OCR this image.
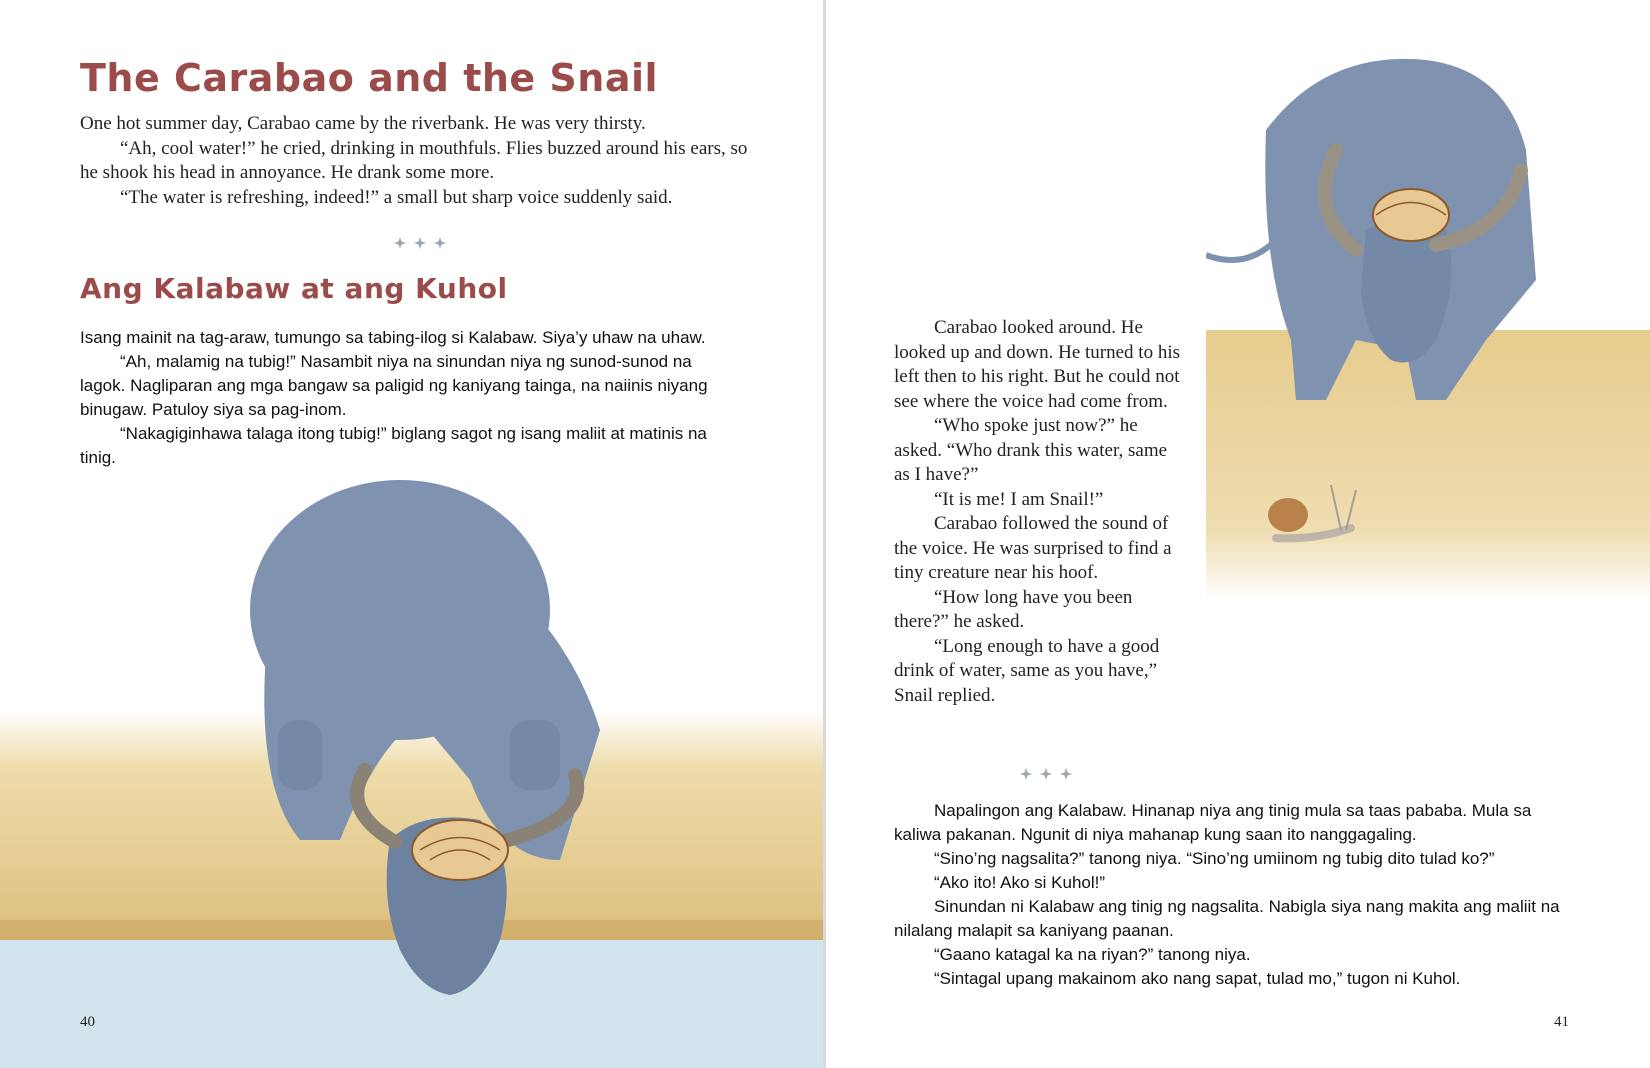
The Carabao and the Snail

One hot summer day, Carabao came by the riverbank. He was very thirsty.

“Ah, cool water!” he cried, drinking in mouthfuls. Flies buzzed around his ears, so he shook his head in annoyance. He drank some more.

“The water is refreshing, indeed!” a small but sharp voice suddenly said.

Ang Kalabaw at ang Kuhol

Isang mainit na tag-araw, tumungo sa tabing-ilog si Kalabaw. Siya’y uhaw na uhaw.

“Ah, malamig na tubig!” Nasambit niya na sinundan niya ng sunod-sunod na lagok. Nagliparan ang mga bangaw sa paligid ng kaniyang tainga, na naiinis niyang binugaw. Patuloy siya sa pag-inom.

“Nakagiginhawa talaga itong tubig!” biglang sagot ng isang maliit at matinis na tinig.

40

Carabao looked around. He looked up and down. He turned to his left then to his right. But he could not see where the voice had come from.

“Who spoke just now?” he asked. “Who drank this water, same as I have?”

“It is me! I am Snail!”

Carabao followed the sound of the voice. He was surprised to find a tiny creature near his hoof.

“How long have you been there?” he asked.

“Long enough to have a good drink of water, same as you have,” Snail replied.

Napalingon ang Kalabaw. Hinanap niya ang tinig mula sa taas pababa. Mula sa kaliwa pakanan. Ngunit di niya mahanap kung saan ito nanggagaling.

“Sino’ng nagsalita?” tanong niya. “Sino’ng umiinom ng tubig dito tulad ko?”

“Ako ito! Ako si Kuhol!”

Sinundan ni Kalabaw ang tinig ng nagsalita. Nabigla siya nang makita ang maliit na nilalang malapit sa kaniyang paanan.

“Gaano katagal ka na riyan?” tanong niya.

“Sintagal upang makainom ako nang sapat, tulad mo,” tugon ni Kuhol.

41
